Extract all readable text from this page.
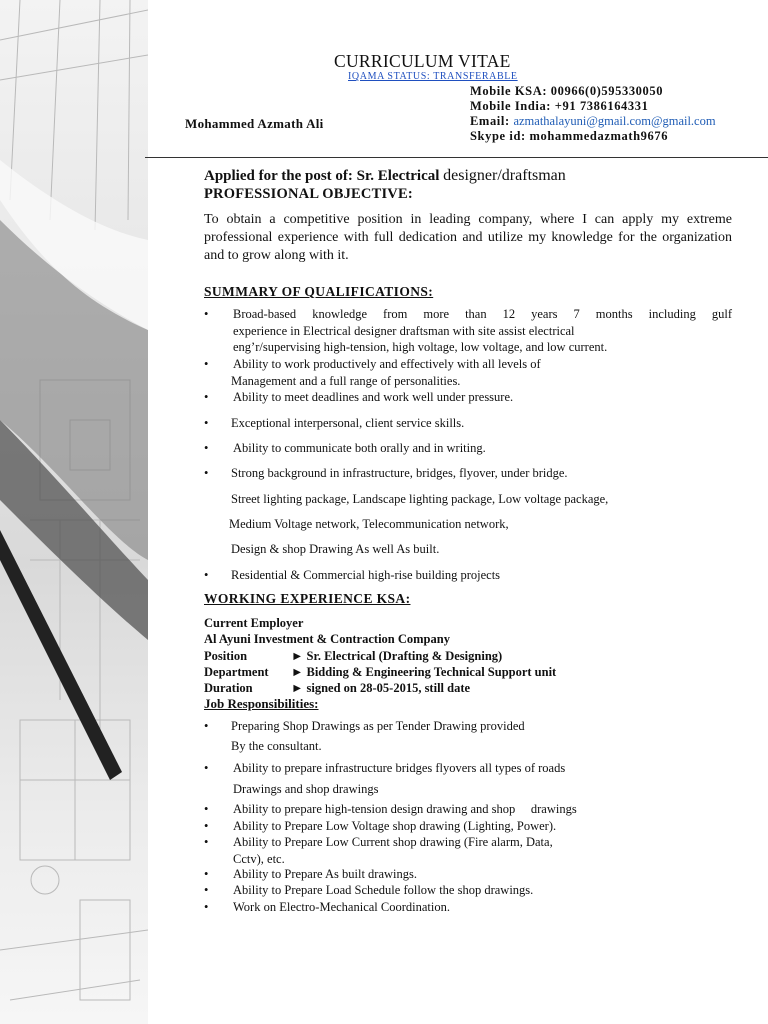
CURRICULUM VITAE
IQAMA STATUS: TRANSFERABLE
Mobile KSA: 00966(0)595330050
Mobile India: +91 7386164331
Email: azmathalayuni@gmail.com@gmail.com
Skype id: mohammedazmath9676
Mohammed Azmath Ali
Applied for the post of: Sr. Electrical designer/draftsman
PROFESSIONAL OBJECTIVE:
To obtain a competitive position in leading company, where I can apply my extreme professional experience with full dedication and utilize my knowledge for the organization and to grow along with it.
SUMMARY OF QUALIFICATIONS:
• Broad-based knowledge from more than 12 years 7 months including gulf
experience in Electrical designer draftsman with site assist electrical
eng’r/supervising high-tension, high voltage, low voltage, and low current.
• Ability to work productively and effectively with all levels of
Management and a full range of personalities.
• Ability to meet deadlines and work well under pressure.
• Exceptional interpersonal, client service skills.
• Ability to communicate both orally and in writing.
• Strong background in infrastructure, bridges, flyover, under bridge.
Street lighting package, Landscape lighting package, Low voltage package,
Medium Voltage network, Telecommunication network,
Design & shop Drawing As well As built.
• Residential & Commercial high-rise building projects
WORKING EXPERIENCE KSA:
Current Employer
Al Ayuni Investment & Contraction Company
Position	► Sr. Electrical (Drafting & Designing)
Department ► Bidding & Engineering Technical Support unit
Duration	► signed on 28-05-2015, still date
Job Responsibilities:
• Preparing Shop Drawings as per Tender Drawing provided
By the consultant.
• Ability to prepare infrastructure bridges flyovers all types of roads
Drawings and shop drawings

•

Ability to prepare high-tension design drawing and shop     drawings

• Ability to Prepare Low Voltage shop drawing (Lighting, Power).
• Ability to Prepare Low Current shop drawing (Fire alarm, Data,
Cctv), etc.
• Ability to Prepare As built drawings.
• Ability to Prepare Load Schedule follow the shop drawings.
• Work on Electro-Mechanical Coordination.
